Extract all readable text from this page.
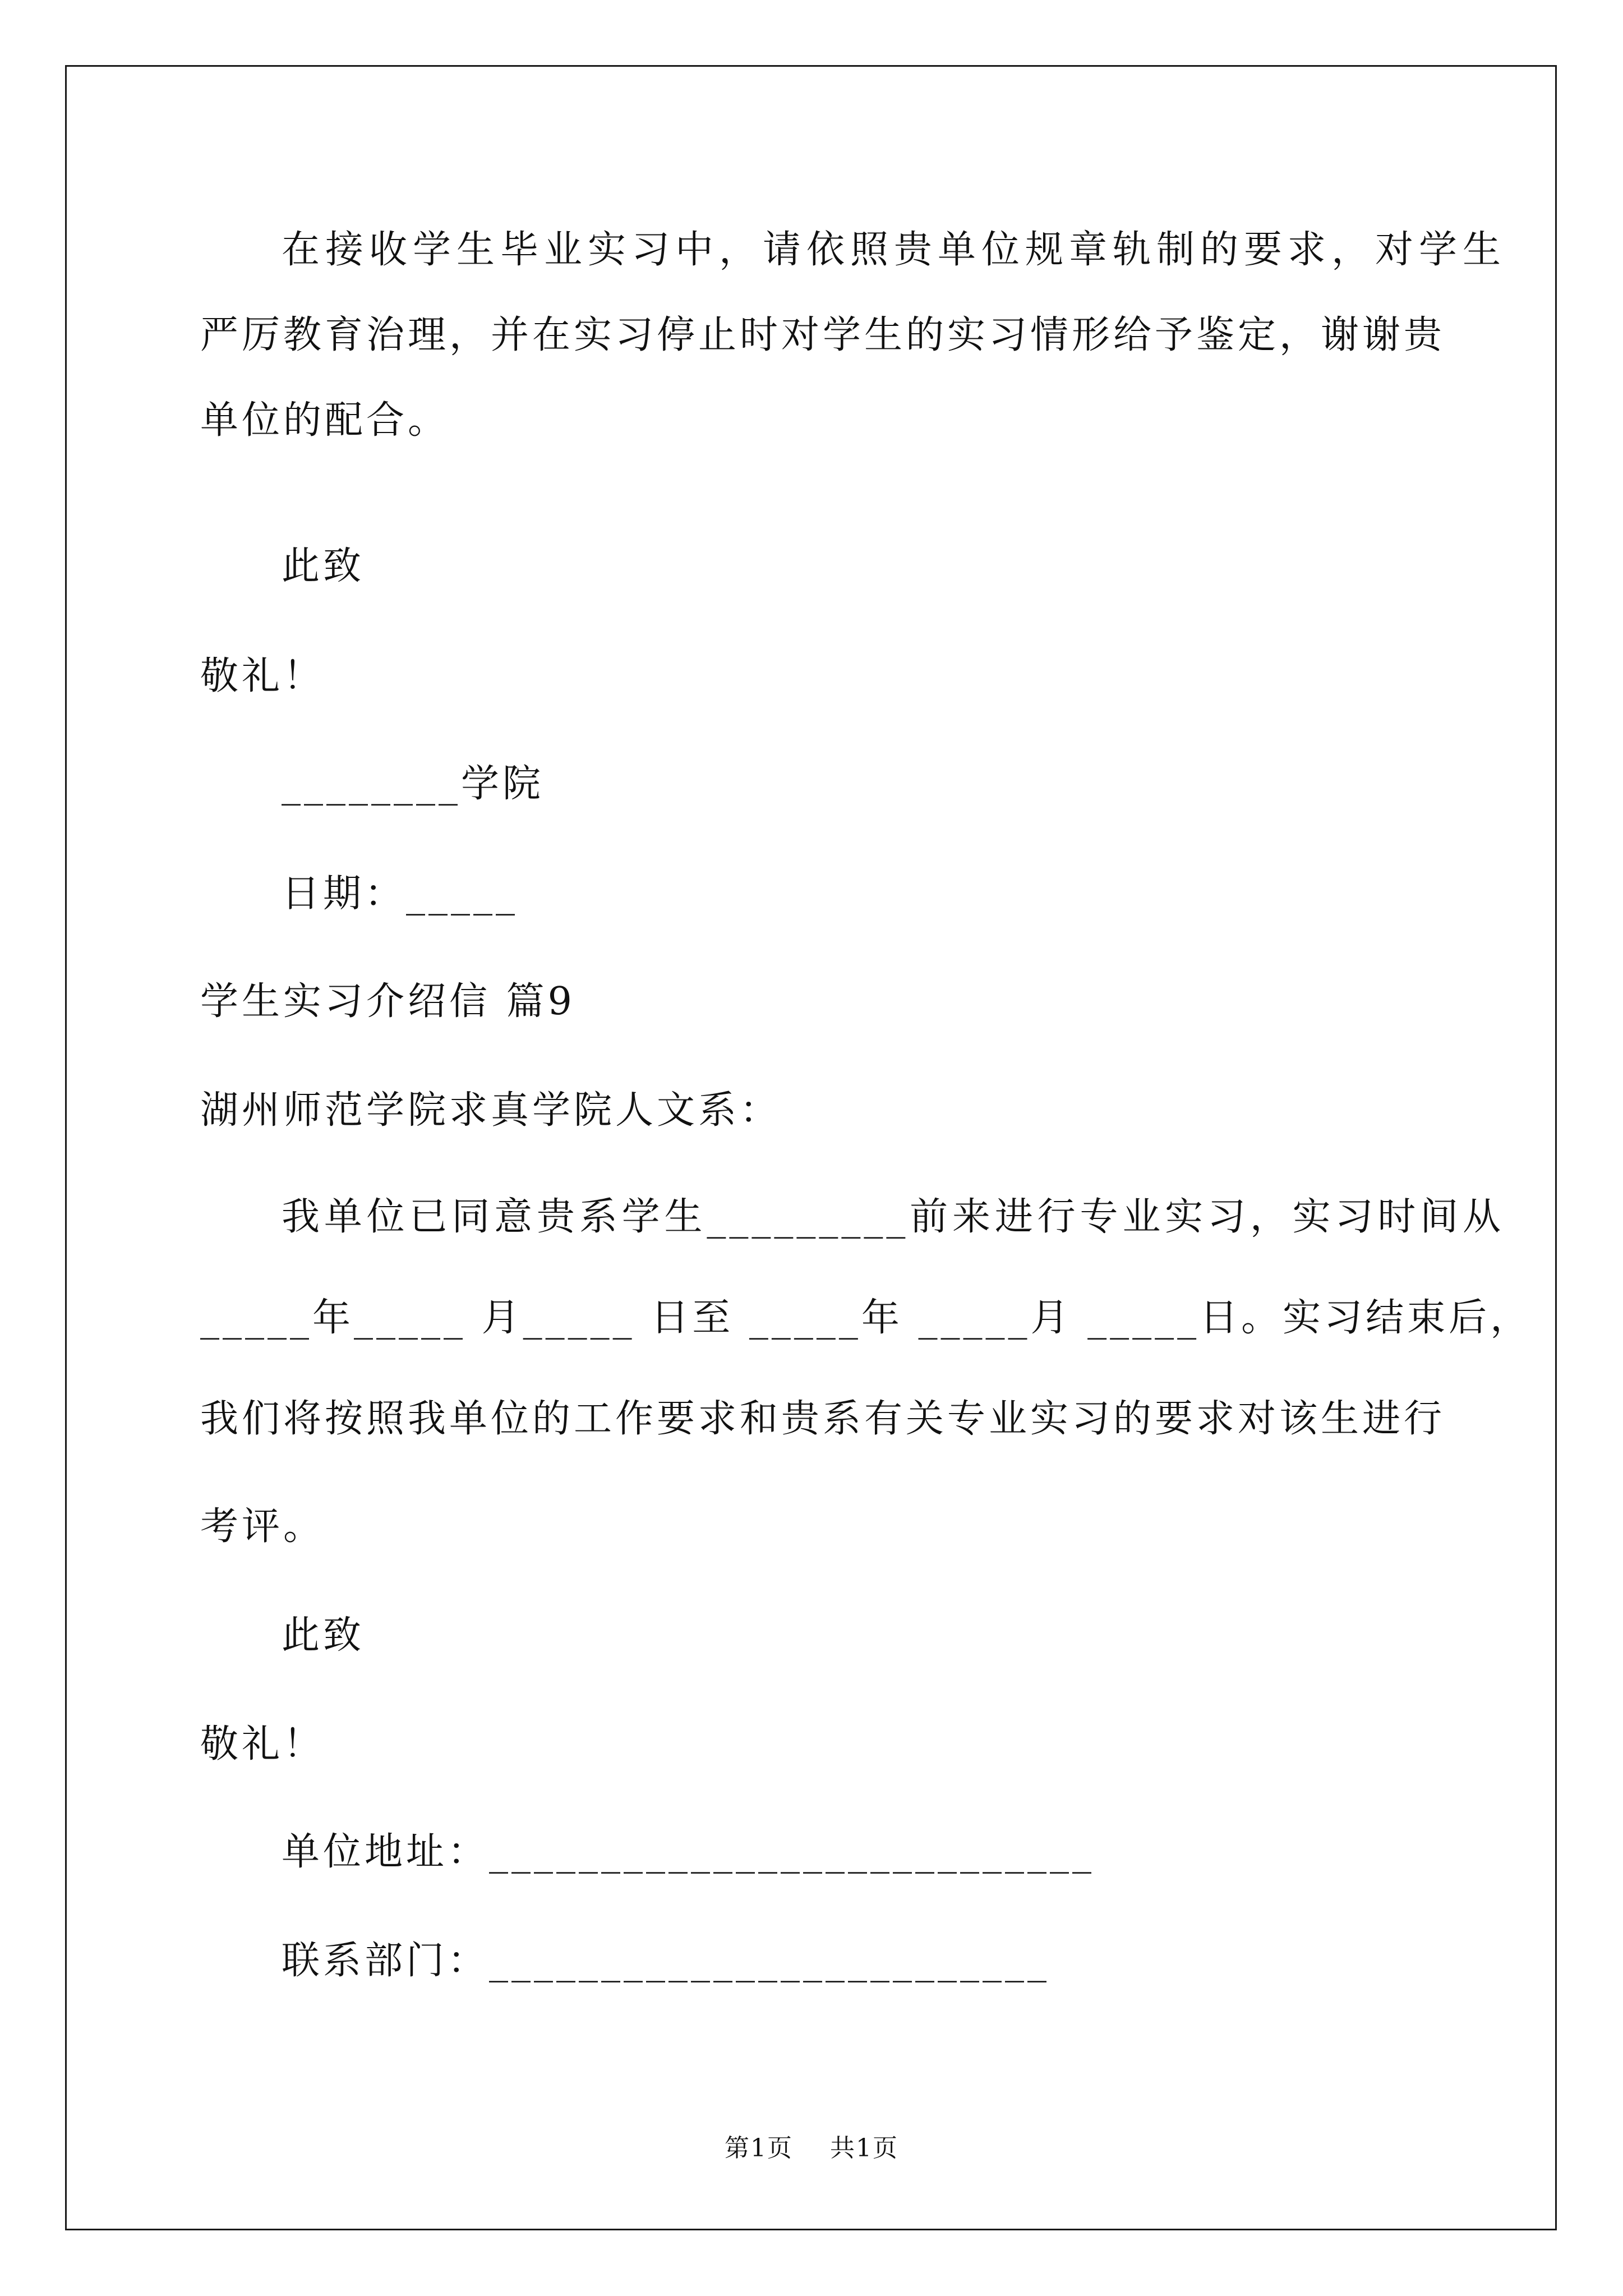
在接收学生毕业实习中，请依照贵单位规章轨制的要求，对学生
严厉教育治理，并在实习停止时对学生的实习情形给予鉴定，谢谢贵
单位的配合。
此致
敬礼！
________学院
日期：_____
学生实习介绍信 篇9
湖州师范学院求真学院人文系：
我单位已同意贵系学生_________前来进行专业实习，实习时间从
_____年_____ 月_____ 日至 _____年 _____月 _____日。实习结束后，
我们将按照我单位的工作要求和贵系有关专业实习的要求对该生进行
考评。
此致
敬礼！
单位地址：___________________________
联系部门：_________________________
第1页 共1页
